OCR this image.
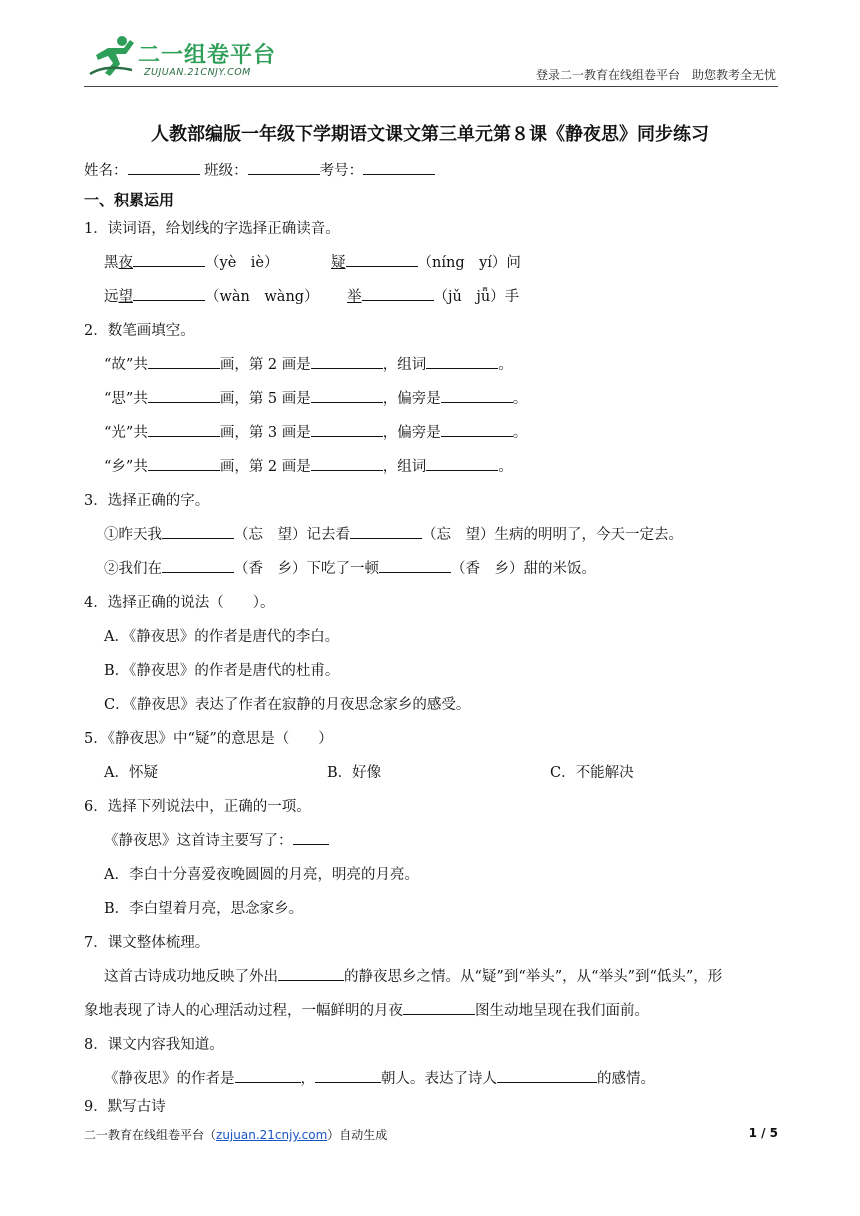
二一组卷平台
ZUJUAN.21CNJY.COM	登录二一教育在线组卷平台　助您教考全无忧
人教部编版一年级下学期语文课文第三单元第８课《静夜思》同步练习
姓名：	班级：	考号：
一、积累运用
1．读词语，给划线的字选择正确读音。
黑夜	（yè　iè）	疑	（níng　yí）问
远望	（wàn　wàng） 举	（jǔ　jǖ）手
2．数笔画填空。
“故”共	画，第 2 画是	，组词	。
“思”共	画，第 5 画是	，偏旁是	。
“光”共	画，第 3 画是	，偏旁是	。
“乡”共	画，第 2 画是	，组词	。
3．选择正确的字。
①昨天我	（忘　望）记去看	（忘　望）生病的明明了，今天一定去。
②我们在	（香　乡）下吃了一顿	（香　乡）甜的米饭。
4．选择正确的说法（　　）。
A．《静夜思》的作者是唐代的李白。
B．《静夜思》的作者是唐代的杜甫。
C．《静夜思》表达了作者在寂静的月夜思念家乡的感受。
5．《静夜思》中“疑”的意思是（　　）
A．怀疑	B．好像	C．不能解决
6．选择下列说法中，正确的一项。
《静夜思》这首诗主要写了：
A．李白十分喜爱夜晚圆圆的月亮，明亮的月亮。
B．李白望着月亮，思念家乡。
7．课文整体梳理。
这首古诗成功地反映了外出	的静夜思乡之情。从“疑”到“举头”，从“举头”到“低头”，形
象地表现了诗人的心理活动过程，一幅鲜明的月夜	图生动地呈现在我们面前。
8．课文内容我知道。
《静夜思》的作者是	，	朝人。表达了诗人	的感情。
9．默写古诗
二一教育在线组卷平台（zujuan.21cnjy.com）自动生成	1 / 5
